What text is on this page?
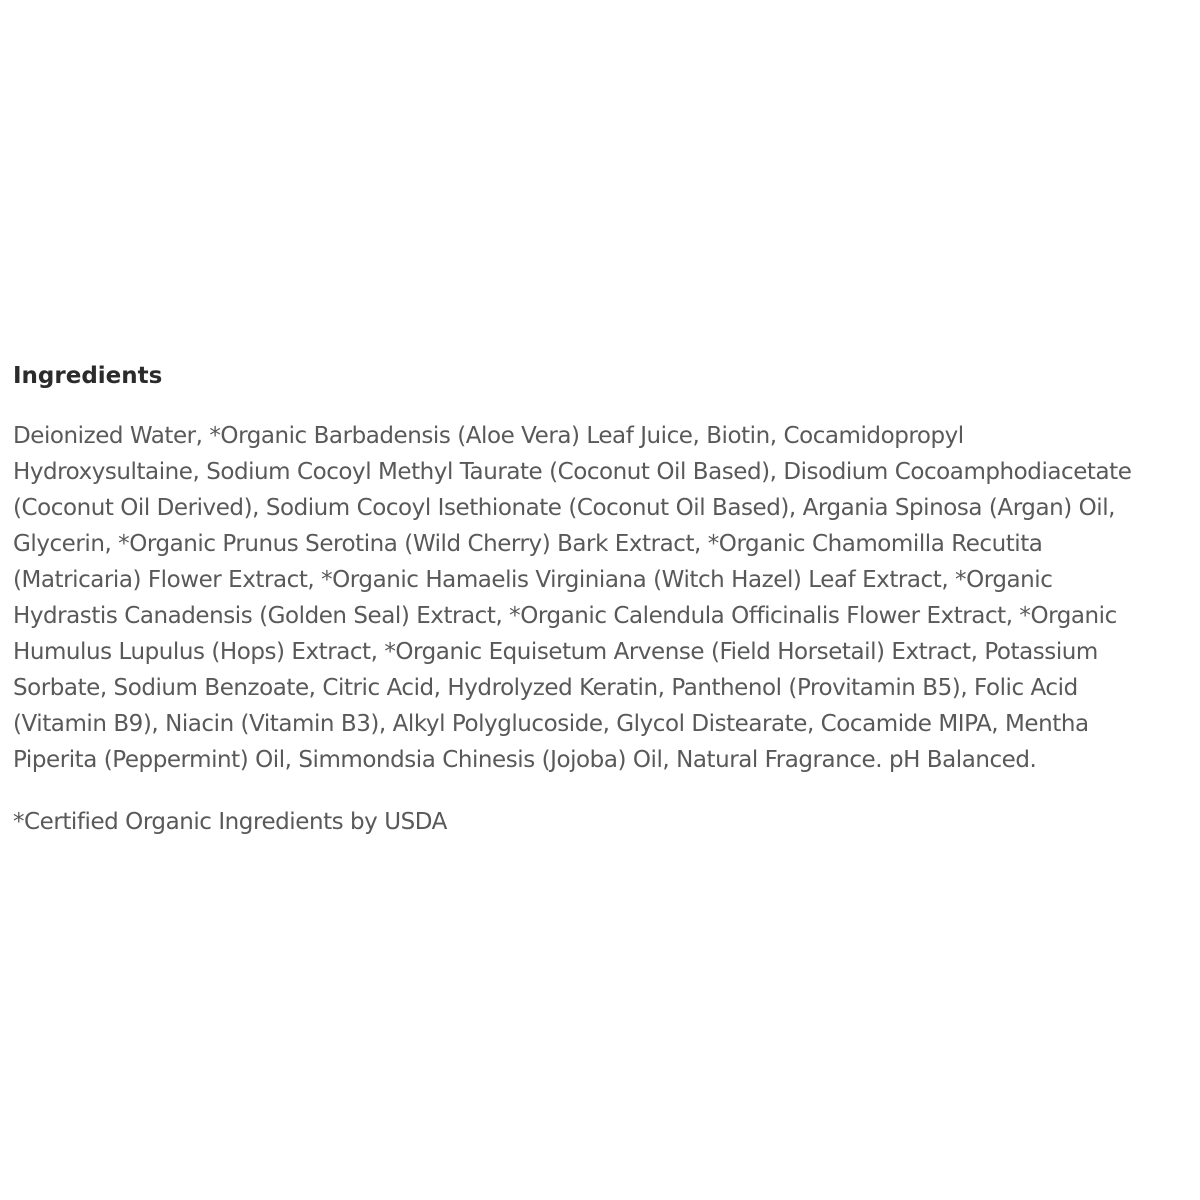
Ingredients

Deionized Water, *Organic Barbadensis (Aloe Vera) Leaf Juice, Biotin, Cocamidopropyl
Hydroxysultaine, Sodium Cocoyl Methyl Taurate (Coconut Oil Based), Disodium Cocoamphodiacetate
(Coconut Oil Derived), Sodium Cocoyl Isethionate (Coconut Oil Based), Argania Spinosa (Argan) Oil,
Glycerin, *Organic Prunus Serotina (Wild Cherry) Bark Extract, *Organic Chamomilla Recutita
(Matricaria) Flower Extract, *Organic Hamaelis Virginiana (Witch Hazel) Leaf Extract, *Organic
Hydrastis Canadensis (Golden Seal) Extract, *Organic Calendula Officinalis Flower Extract, *Organic
Humulus Lupulus (Hops) Extract, *Organic Equisetum Arvense (Field Horsetail) Extract, Potassium
Sorbate, Sodium Benzoate, Citric Acid, Hydrolyzed Keratin, Panthenol (Provitamin B5), Folic Acid
(Vitamin B9), Niacin (Vitamin B3), Alkyl Polyglucoside, Glycol Distearate, Cocamide MIPA, Mentha
Piperita (Peppermint) Oil, Simmondsia Chinesis (Jojoba) Oil, Natural Fragrance. pH Balanced.

*Certified Organic Ingredients by USDA
